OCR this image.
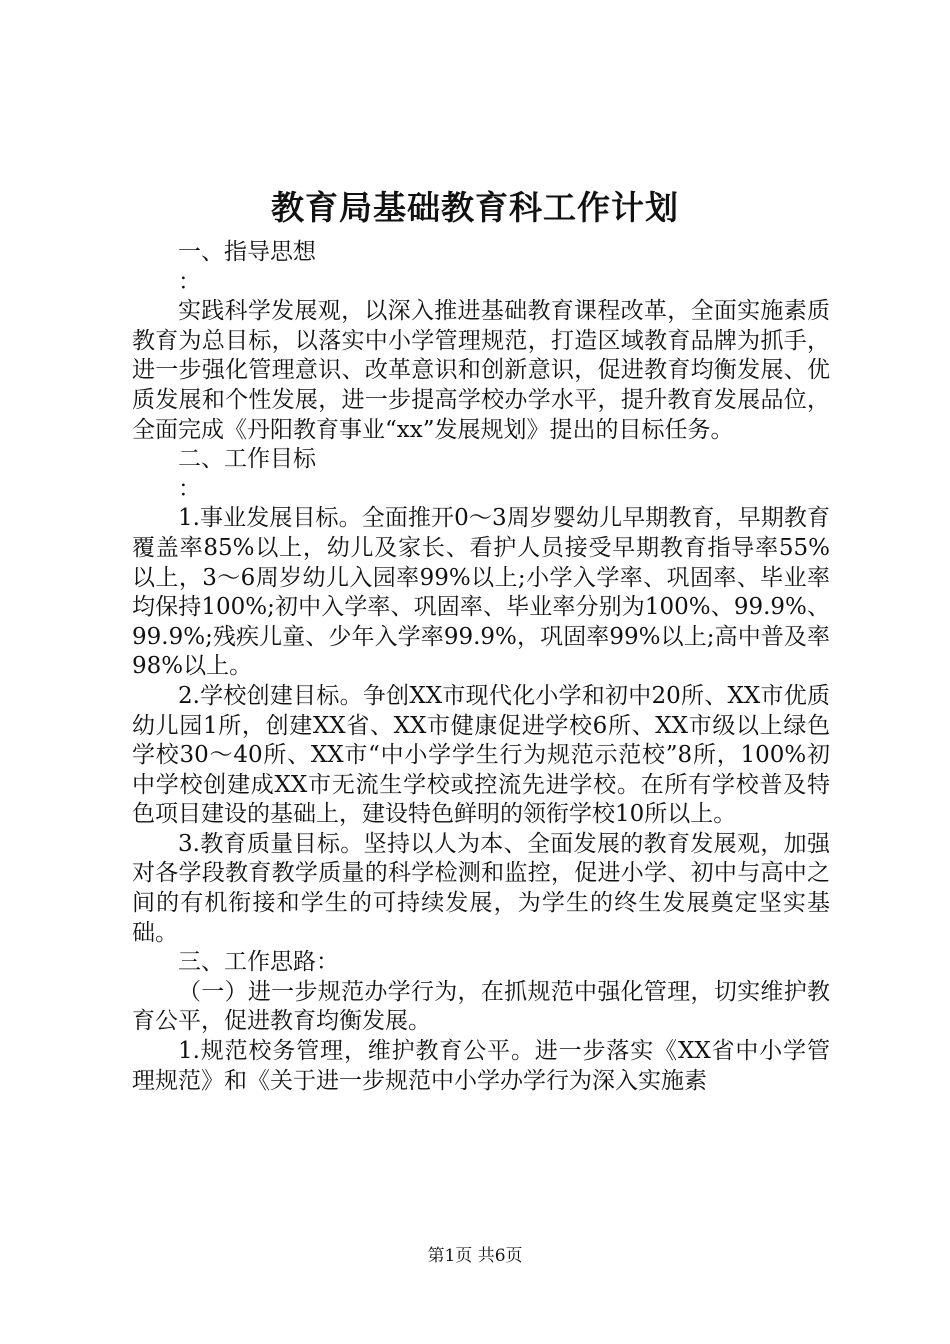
教育局基础教育科工作计划

一、指导思想

：

实践科学发展观，以深入推进基础教育课程改革，全面实施素质教育为总目标，以落实中小学管理规范，打造区域教育品牌为抓手，进一步强化管理意识、改革意识和创新意识，促进教育均衡发展、优质发展和个性发展，进一步提高学校办学水平，提升教育发展品位，全面完成《丹阳教育事业“xx”发展规划》提出的目标任务。

二、工作目标

：

1.事业发展目标。全面推开0～3周岁婴幼儿早期教育，早期教育覆盖率85%以上，幼儿及家长、看护人员接受早期教育指导率55%以上，3～6周岁幼儿入园率99%以上;小学入学率、巩固率、毕业率均保持100%;初中入学率、巩固率、毕业率分别为100%、99.9%、99.9%;残疾儿童、少年入学率99.9%，巩固率99%以上;高中普及率98%以上。

2.学校创建目标。争创XX市现代化小学和初中20所、XX市优质幼儿园1所，创建XX省、XX市健康促进学校6所、XX市级以上绿色学校30～40所、XX市“中小学学生行为规范示范校”8所，100%初中学校创建成XX市无流生学校或控流先进学校。在所有学校普及特色项目建设的基础上，建设特色鲜明的领衔学校10所以上。

3.教育质量目标。坚持以人为本、全面发展的教育发展观，加强对各学段教育教学质量的科学检测和监控，促进小学、初中与高中之间的有机衔接和学生的可持续发展，为学生的终生发展奠定坚实基础。

三、工作思路：

（一）进一步规范办学行为，在抓规范中强化管理，切实维护教育公平，促进教育均衡发展。

1.规范校务管理，维护教育公平。进一步落实《XX省中小学管理规范》和《关于进一步规范中小学办学行为深入实施素

第1页 共6页
